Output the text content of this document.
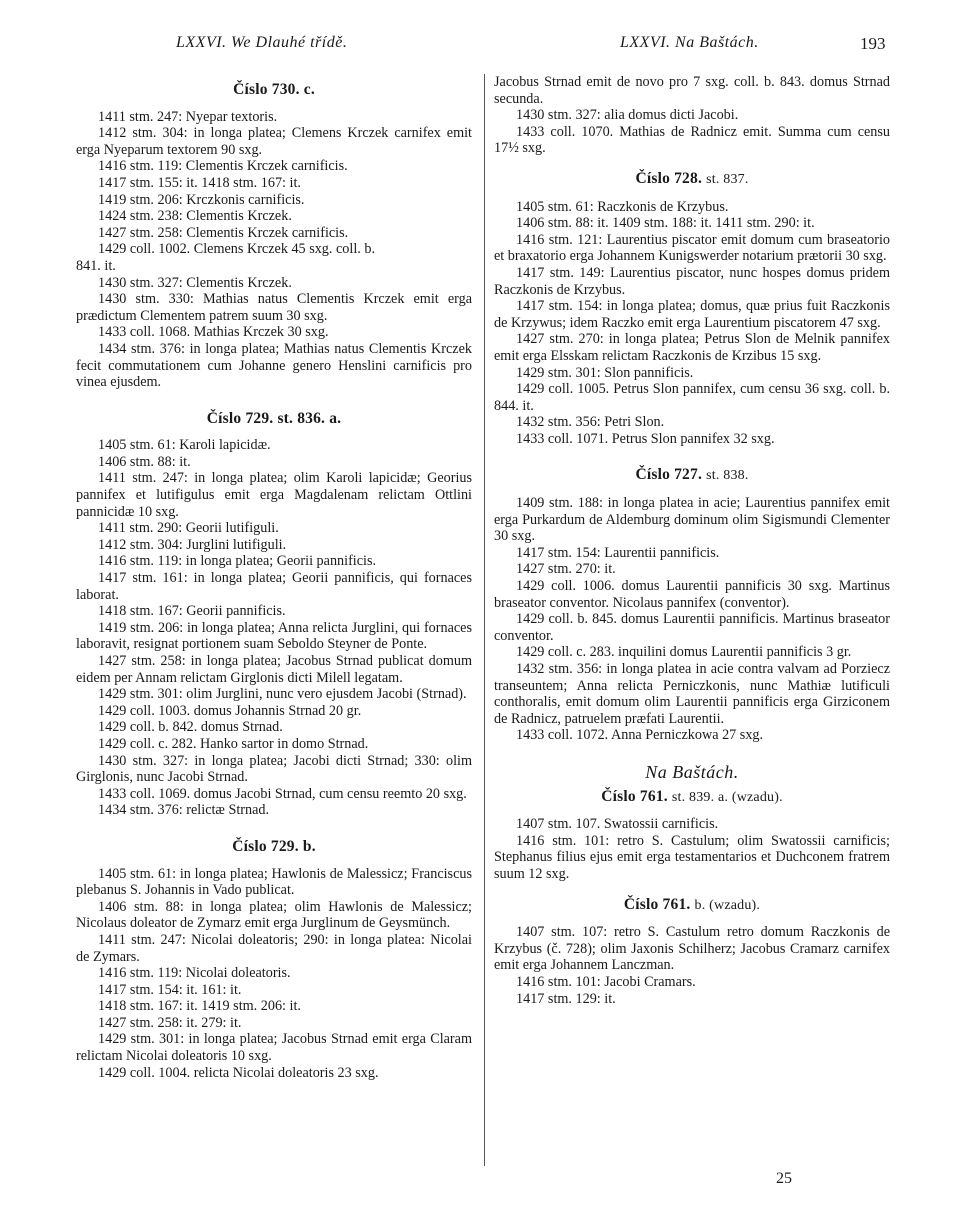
LXXVI. We Dlauhé třídě.	LXXVI. Na Baštách.	193
Číslo 730. c.

1411 stm. 247: Nyepar textoris.

1412 stm. 304: in longa platea; Clemens Krczek carnifex emit erga Nyeparum textorem 90 sxg.

1416 stm. 119: Clementis Krczek carnificis.

1417 stm. 155: it. 1418 stm. 167: it.

1419 stm. 206: Krczkonis carnificis.

1424 stm. 238: Clementis Krczek.

1427 stm. 258: Clementis Krczek carnificis.

1429 coll. 1002. Clemens Krczek 45 sxg. coll. b.

841. it.

1430 stm. 327: Clementis Krczek.

1430 stm. 330: Mathias natus Clementis Krczek emit erga prædictum Clementem patrem suum 30 sxg.

1433 coll. 1068. Mathias Krczek 30 sxg.

1434 stm. 376: in longa platea; Mathias natus Clementis Krczek fecit commutationem cum Johanne genero Henslini carnificis pro vinea ejusdem.

Číslo 729. st. 836. a.

1405 stm. 61: Karoli lapicidæ.

1406 stm. 88: it.

1411 stm. 247: in longa platea; olim Karoli lapicidæ; Georius pannifex et lutifigulus emit erga Magdalenam relictam Ottlini pannicidæ 10 sxg.

1411 stm. 290: Georii lutifiguli.

1412 stm. 304: Jurglini lutifiguli.

1416 stm. 119: in longa platea; Georii pannificis.

1417 stm. 161: in longa platea; Georii pannificis, qui fornaces laborat.

1418 stm. 167: Georii pannificis.

1419 stm. 206: in longa platea; Anna relicta Jurglini, qui fornaces laboravit, resignat portionem suam Seboldo Steyner de Ponte.

1427 stm. 258: in longa platea; Jacobus Strnad publicat domum eidem per Annam relictam Girglonis dicti Milell legatam.

1429 stm. 301: olim Jurglini, nunc vero ejusdem Jacobi (Strnad).

1429 coll. 1003. domus Johannis Strnad 20 gr.

1429 coll. b. 842. domus Strnad.

1429 coll. c. 282. Hanko sartor in domo Strnad.

1430 stm. 327: in longa platea; Jacobi dicti Strnad; 330: olim Girglonis, nunc Jacobi Strnad.

1433 coll. 1069. domus Jacobi Strnad, cum censu reemto 20 sxg.

1434 stm. 376: relictæ Strnad.

Číslo 729. b.

1405 stm. 61: in longa platea; Hawlonis de Malessicz; Franciscus plebanus S. Johannis in Vado publicat.

1406 stm. 88: in longa platea; olim Hawlonis de Malessicz; Nicolaus doleator de Zymarz emit erga Jurglinum de Geysmünch.

1411 stm. 247: Nicolai doleatoris; 290: in longa platea: Nicolai de Zymars.

1416 stm. 119: Nicolai doleatoris.

1417 stm. 154: it. 161: it.

1418 stm. 167: it. 1419 stm. 206: it.

1427 stm. 258: it. 279: it.

1429 stm. 301: in longa platea; Jacobus Strnad emit erga Claram relictam Nicolai doleatoris 10 sxg.

1429 coll. 1004. relicta Nicolai doleatoris 23 sxg.

Jacobus Strnad emit de novo pro 7 sxg. coll. b. 843. domus Strnad secunda.

1430 stm. 327: alia domus dicti Jacobi.

1433 coll. 1070. Mathias de Radnicz emit. Summa cum censu 17½ sxg.

Číslo 728. st. 837.

1405 stm. 61: Raczkonis de Krzybus.

1406 stm. 88: it. 1409 stm. 188: it. 1411 stm. 290: it.

1416 stm. 121: Laurentius piscator emit domum cum braseatorio et braxatorio erga Johannem Kunigswerder notarium prætorii 30 sxg.

1417 stm. 149: Laurentius piscator, nunc hospes domus pridem Raczkonis de Krzybus.

1417 stm. 154: in longa platea; domus, quæ prius fuit Raczkonis de Krzywus; idem Raczko emit erga Laurentium piscatorem 47 sxg.

1427 stm. 270: in longa platea; Petrus Slon de Melnik pannifex emit erga Elsskam relictam Raczkonis de Krzibus 15 sxg.

1429 stm. 301: Slon pannificis.

1429 coll. 1005. Petrus Slon pannifex, cum censu 36 sxg. coll. b. 844. it.

1432 stm. 356: Petri Slon.

1433 coll. 1071. Petrus Slon pannifex 32 sxg.

Číslo 727. st. 838.

1409 stm. 188: in longa platea in acie; Laurentius pannifex emit erga Purkardum de Aldemburg dominum olim Sigismundi Clementer 30 sxg.

1417 stm. 154: Laurentii pannificis.

1427 stm. 270: it.

1429 coll. 1006. domus Laurentii pannificis 30 sxg. Martinus braseator conventor. Nicolaus pannifex (conventor).

1429 coll. b. 845. domus Laurentii pannificis. Martinus braseator conventor.

1429 coll. c. 283. inquilini domus Laurentii pannificis 3 gr.

1432 stm. 356: in longa platea in acie contra valvam ad Porziecz transeuntem; Anna relicta Perniczkonis, nunc Mathiæ lutificuli conthoralis, emit domum olim Laurentii pannificis erga Girziconem de Radnicz, patruelem præfati Laurentii.

1433 coll. 1072. Anna Perniczkowa 27 sxg.

Na Baštách.
Číslo 761. st. 839. a. (wzadu).

1407 stm. 107. Swatossii carnificis.

1416 stm. 101: retro S. Castulum; olim Swatossii carnificis; Stephanus filius ejus emit erga testamentarios et Duchconem fratrem suum 12 sxg.

Číslo 761. b. (wzadu).

1407 stm. 107: retro S. Castulum retro domum Raczkonis de Krzybus (č. 728); olim Jaxonis Schilherz; Jacobus Cramarz carnifex emit erga Johannem Lanczman.

1416 stm. 101: Jacobi Cramars.

1417 stm. 129: it.

25
